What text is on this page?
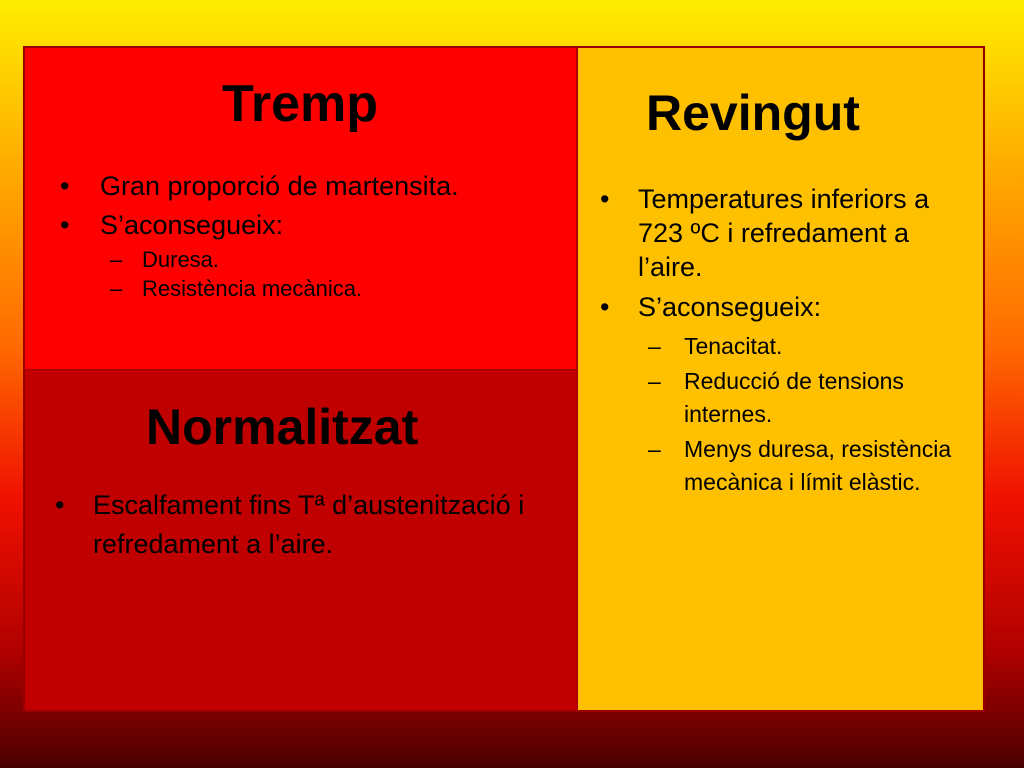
Tremp
•	Gran proporció de martensita.
•	S’aconsegueix:
– Duresa.
– Resistència mecànica.
Normalitzat
•	Escalfament fins Tª d’austenització i refredament a l’aire.
Revingut
•	Temperatures inferiors a 723 ºC i refredament a l’aire.
•	S’aconsegueix:
– Tenacitat.
– Reducció de tensions internes.
– Menys duresa, resistència mecànica i límit elàstic.
